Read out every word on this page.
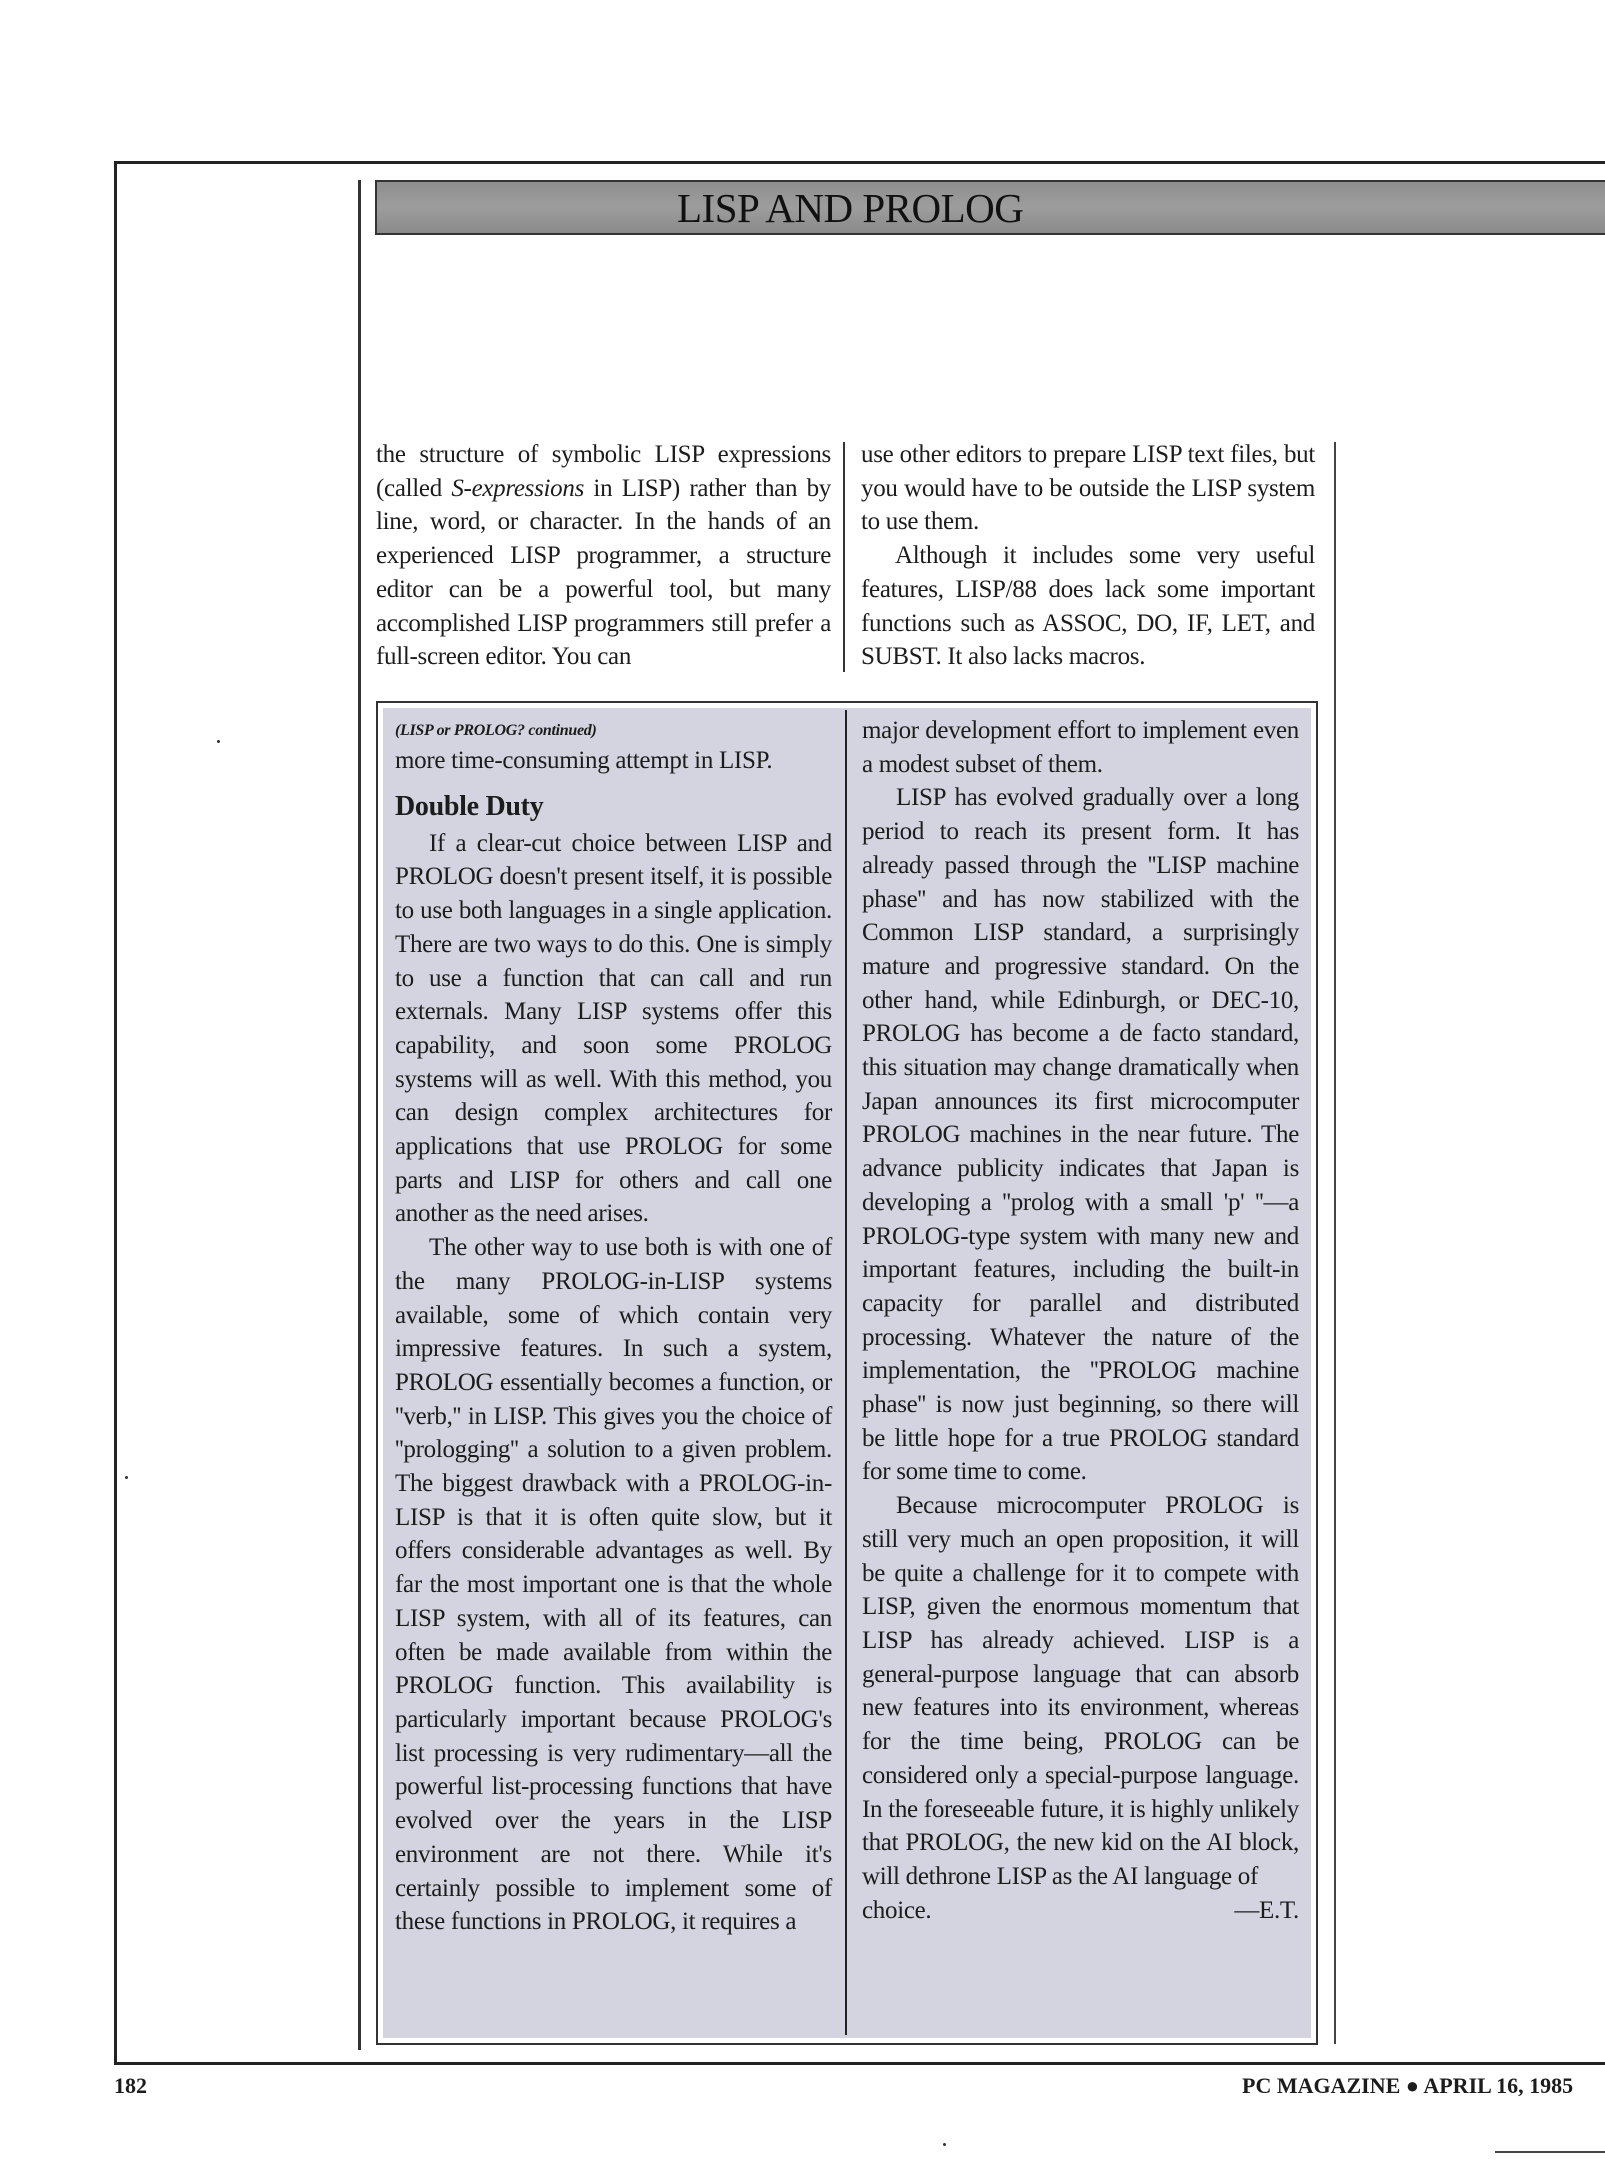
LISP AND PROLOG

the structure of symbolic LISP expressions (called S-expressions in LISP) rather than by line, word, or character. In the hands of an experienced LISP programmer, a structure editor can be a powerful tool, but many accomplished LISP programmers still prefer a full-screen editor. You can

use other editors to prepare LISP text files, but you would have to be outside the LISP system to use them.

Although it includes some very useful features, LISP/88 does lack some important functions such as ASSOC, DO, IF, LET, and SUBST. It also lacks macros.

(LISP or PROLOG? continued)

more time-consuming attempt in LISP.

Double Duty

If a clear-cut choice between LISP and PROLOG doesn't present itself, it is possible to use both languages in a single application. There are two ways to do this. One is simply to use a function that can call and run externals. Many LISP systems offer this capability, and soon some PROLOG systems will as well. With this method, you can design complex architectures for applications that use PROLOG for some parts and LISP for others and call one another as the need arises.

The other way to use both is with one of the many PROLOG-in-LISP systems available, some of which contain very impressive features. In such a system, PROLOG essentially becomes a function, or ''verb,'' in LISP. This gives you the choice of ''prologging'' a solution to a given problem. The biggest drawback with a PROLOG-in-LISP is that it is often quite slow, but it offers considerable advantages as well. By far the most important one is that the whole LISP system, with all of its features, can often be made available from within the PROLOG function. This availability is particularly important because PROLOG's list processing is very rudimentary—all the powerful list-processing functions that have evolved over the years in the LISP environment are not there. While it's certainly possible to implement some of these functions in PROLOG, it requires a

major development effort to implement even a modest subset of them.

LISP has evolved gradually over a long period to reach its present form. It has already passed through the ''LISP machine phase'' and has now stabilized with the Common LISP standard, a surprisingly mature and progressive standard. On the other hand, while Edinburgh, or DEC-10, PROLOG has become a de facto standard, this situation may change dramatically when Japan announces its first microcomputer PROLOG machines in the near future. The advance publicity indicates that Japan is developing a ''prolog with a small 'p' ''—a PROLOG-type system with many new and important features, including the built-in capacity for parallel and distributed processing. Whatever the nature of the implementation, the ''PROLOG machine phase'' is now just beginning, so there will be little hope for a true PROLOG standard for some time to come.

Because microcomputer PROLOG is still very much an open proposition, it will be quite a challenge for it to compete with LISP, given the enormous momentum that LISP has already achieved. LISP is a general-purpose language that can absorb new features into its environment, whereas for the time being, PROLOG can be considered only a special-purpose language. In the foreseeable future, it is highly unlikely that PROLOG, the new kid on the AI block, will dethrone LISP as the AI language of

choice.	—E.T.

182	PC MAGAZINE ● APRIL 16, 1985
